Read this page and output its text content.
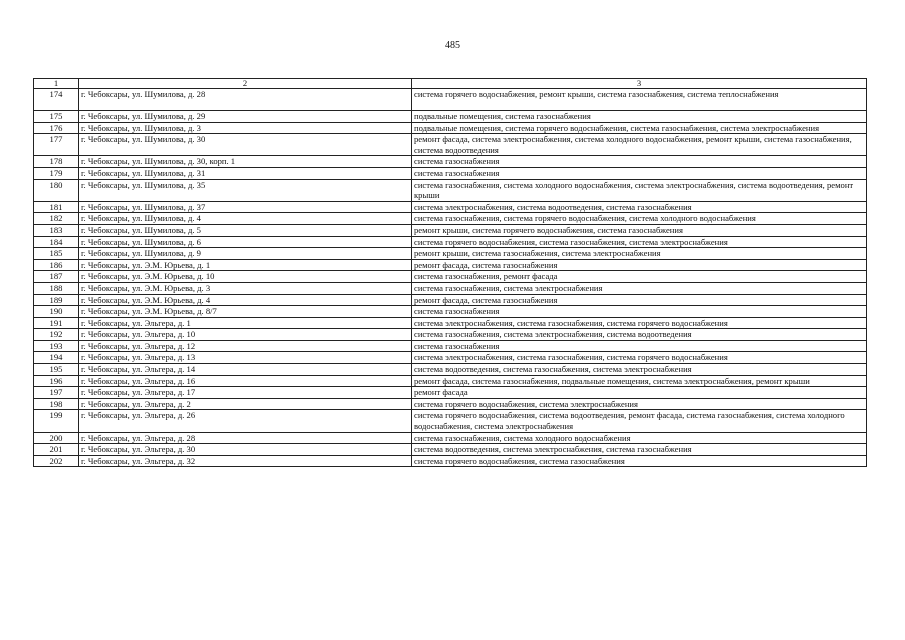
485
1	2	3
174	г. Чебоксары, ул. Шумилова, д. 28	система горячего водоснабжения, ремонт крыши, система газоснабжения, система теплоснабжения
175	г. Чебоксары, ул. Шумилова, д. 29	подвальные помещения, система газоснабжения
176	г. Чебоксары, ул. Шумилова, д. 3	подвальные помещения, система горячего водоснабжения, система газоснабжения, система электроснабжения
177	г. Чебоксары, ул. Шумилова, д. 30	ремонт фасада, система электроснабжения, система холодного водоснабжения, ремонт крыши, система газоснабжения, система водоотведения
178	г. Чебоксары, ул. Шумилова, д. 30, корп. 1	система газоснабжения
179	г. Чебоксары, ул. Шумилова, д. 31	система газоснабжения
180	г. Чебоксары, ул. Шумилова, д. 35	система газоснабжения, система холодного водоснабжения, система электроснабжения, система водоотведения, ремонт крыши
181	г. Чебоксары, ул. Шумилова, д. 37	система электроснабжения, система водоотведения, система газоснабжения
182	г. Чебоксары, ул. Шумилова, д. 4	система газоснабжения, система горячего водоснабжения, система холодного водоснабжения
183	г. Чебоксары, ул. Шумилова, д. 5	ремонт крыши, система горячего водоснабжения, система газоснабжения
184	г. Чебоксары, ул. Шумилова, д. 6	система горячего водоснабжения, система газоснабжения, система электроснабжения
185	г. Чебоксары, ул. Шумилова, д. 9	ремонт крыши, система газоснабжения, система электроснабжения
186	г. Чебоксары, ул. Э.М. Юрьева, д. 1	ремонт фасада, система газоснабжения
187	г. Чебоксары, ул. Э.М. Юрьева, д. 10	система газоснабжения, ремонт фасада
188	г. Чебоксары, ул. Э.М. Юрьева, д. 3	система газоснабжения, система электроснабжения
189	г. Чебоксары, ул. Э.М. Юрьева, д. 4	ремонт фасада, система газоснабжения
190	г. Чебоксары, ул. Э.М. Юрьева, д. 8/7	система газоснабжения
191	г. Чебоксары, ул. Эльгера, д. 1	система электроснабжения, система газоснабжения, система горячего водоснабжения
192	г. Чебоксары, ул. Эльгера, д. 10	система газоснабжения, система электроснабжения, система водоотведения
193	г. Чебоксары, ул. Эльгера, д. 12	система газоснабжения
194	г. Чебоксары, ул. Эльгера, д. 13	система электроснабжения, система газоснабжения, система горячего водоснабжения
195	г. Чебоксары, ул. Эльгера, д. 14	система водоотведения, система газоснабжения, система электроснабжения
196	г. Чебоксары, ул. Эльгера, д. 16	ремонт фасада, система газоснабжения, подвальные помещения, система электроснабжения, ремонт крыши
197	г. Чебоксары, ул. Эльгера, д. 17	ремонт фасада
198	г. Чебоксары, ул. Эльгера, д. 2	система горячего водоснабжения, система электроснабжения
199	г. Чебоксары, ул. Эльгера, д. 26	система горячего водоснабжения, система водоотведения, ремонт фасада, система газоснабжения, система холодного водоснабжения, система электроснабжения
200	г. Чебоксары, ул. Эльгера, д. 28	система газоснабжения, система холодного водоснабжения
201	г. Чебоксары, ул. Эльгера, д. 30	система водоотведения, система электроснабжения, система газоснабжения
202	г. Чебоксары, ул. Эльгера, д. 32	система горячего водоснабжения, система газоснабжения
